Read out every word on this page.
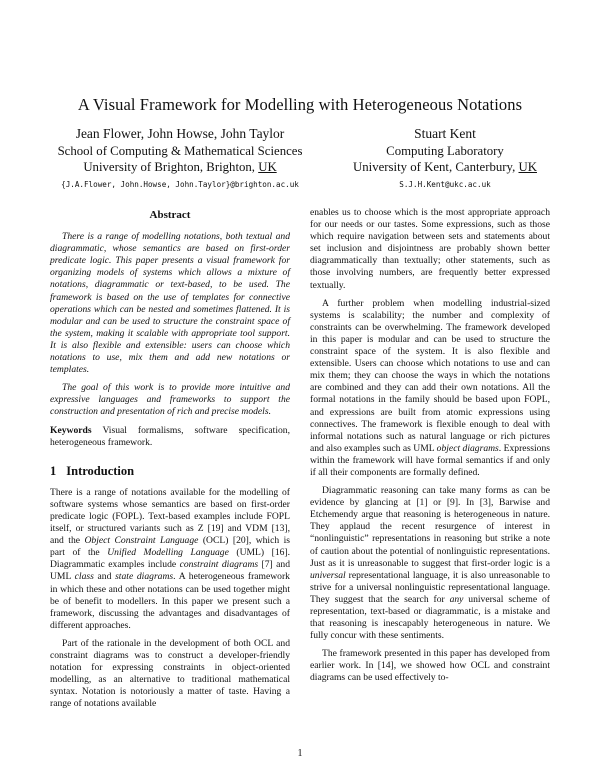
A Visual Framework for Modelling with Heterogeneous Notations
Jean Flower, John Howse, John Taylor
School of Computing & Mathematical Sciences
University of Brighton, Brighton, UK
{J.A.Flower, John.Howse, John.Taylor}@brighton.ac.uk
Stuart Kent
Computing Laboratory
University of Kent, Canterbury, UK
S.J.H.Kent@ukc.ac.uk
Abstract

There is a range of modelling notations, both textual and diagrammatic, whose semantics are based on first-order predicate logic. This paper presents a visual framework for organizing models of systems which allows a mixture of notations, diagrammatic or text-based, to be used. The framework is based on the use of templates for connective operations which can be nested and sometimes flattened. It is modular and can be used to structure the constraint space of the system, making it scalable with appropriate tool support. It is also flexible and extensible: users can choose which notations to use, mix them and add new notations or templates.

The goal of this work is to provide more intuitive and expressive languages and frameworks to support the construction and presentation of rich and precise models.

Keywords Visual formalisms, software specification, heterogeneous framework.

1 Introduction

There is a range of notations available for the modelling of software systems whose semantics are based on first-order predicate logic (FOPL). Text-based examples include FOPL itself, or structured variants such as Z [19] and VDM [13], and the Object Constraint Language (OCL) [20], which is part of the Unified Modelling Language (UML) [16]. Diagrammatic examples include constraint diagrams [7] and UML class and state diagrams. A heterogeneous framework in which these and other notations can be used together might be of benefit to modellers. In this paper we present such a framework, discussing the advantages and disadvantages of different approaches.

Part of the rationale in the development of both OCL and constraint diagrams was to construct a developer-friendly notation for expressing constraints in object-oriented modelling, as an alternative to traditional mathematical syntax. Notation is notoriously a matter of taste. Having a range of notations available

enables us to choose which is the most appropriate approach for our needs or our tastes. Some expressions, such as those which require navigation between sets and statements about set inclusion and disjointness are probably shown better diagrammatically than textually; other statements, such as those involving numbers, are frequently better expressed textually.

A further problem when modelling industrial-sized systems is scalability; the number and complexity of constraints can be overwhelming. The framework developed in this paper is modular and can be used to structure the constraint space of the system. It is also flexible and extensible. Users can choose which notations to use and can mix them; they can choose the ways in which the notations are combined and they can add their own notations. All the formal notations in the family should be based upon FOPL, and expressions are built from atomic expressions using connectives. The framework is flexible enough to deal with informal notations such as natural language or rich pictures and also examples such as UML object diagrams. Expressions within the framework will have formal semantics if and only if all their components are formally defined.

Diagrammatic reasoning can take many forms as can be evidence by glancing at [1] or [9]. In [3], Barwise and Etchemendy argue that reasoning is heterogeneous in nature. They applaud the recent resurgence of interest in “nonlinguistic” representations in reasoning but strike a note of caution about the potential of nonlinguistic representations. Just as it is unreasonable to suggest that first-order logic is a universal representational language, it is also unreasonable to strive for a universal nonlinguistic representational language. They suggest that the search for any universal scheme of representation, text-based or diagrammatic, is a mistake and that reasoning is inescapably heterogeneous in nature. We fully concur with these sentiments.

The framework presented in this paper has developed from earlier work. In [14], we showed how OCL and constraint diagrams can be used effectively to-

1
